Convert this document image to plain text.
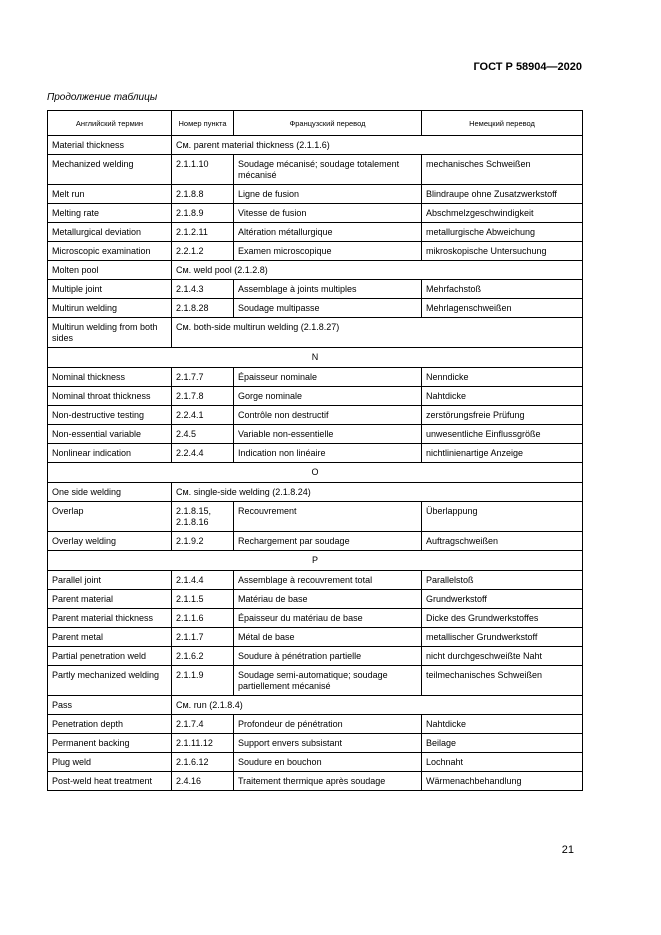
ГОСТ Р 58904—2020
Продолжение таблицы
Английский термин	Номер пункта	Французский перевод	Немецкий перевод
Material thickness	См. parent material thickness (2.1.1.6)		
Mechanized welding	2.1.1.10	Soudage mécanisé; soudage totalement mécanisé	mechanisches Schweißen
Melt run	2.1.8.8	Ligne de fusion	Blindraupe ohne Zusatzwerkstoff
Melting rate	2.1.8.9	Vitesse de fusion	Abschmelzgeschwindigkeit
Metallurgical deviation	2.1.2.11	Altération métallurgique	metallurgische Abweichung
Microscopic examination	2.2.1.2	Examen microscopique	mikroskopische Untersuchung
Molten pool	См. weld pool (2.1.2.8)		
Multiple joint	2.1.4.3	Assemblage à joints multiples	Mehrfachstoß
Multirun welding	2.1.8.28	Soudage multipasse	Mehrlagenschweißen
Multirun welding from both sides	См. both-side multirun welding (2.1.8.27)		
N			
Nominal thickness	2.1.7.7	Épaisseur nominale	Nenndicke
Nominal throat thickness	2.1.7.8	Gorge nominale	Nahtdicke
Non-destructive testing	2.2.4.1	Contrôle non destructif	zerstörungsfreie Prüfung
Non-essential variable	2.4.5	Variable non-essentielle	unwesentliche Einflussgröße
Nonlinear indication	2.2.4.4	Indication non linéaire	nichtlinienartige Anzeige
O			
One side welding	См. single-side welding (2.1.8.24)		
Overlap	2.1.8.15, 2.1.8.16	Recouvrement	Überlappung
Overlay welding	2.1.9.2	Rechargement par soudage	Auftragschweißen
P			
Parallel joint	2.1.4.4	Assemblage à recouvrement total	Parallelstoß
Parent material	2.1.1.5	Matériau de base	Grundwerkstoff
Parent material thickness	2.1.1.6	Épaisseur du matériau de base	Dicke des Grundwerkstoffes
Parent metal	2.1.1.7	Métal de base	metallischer Grundwerkstoff
Partial penetration weld	2.1.6.2	Soudure à pénétration partielle	nicht durchgeschweißte Naht
Partly mechanized welding	2.1.1.9	Soudage semi-automatique; soudage partiellement mécanisé	teilmechanisches Schweißen
Pass	См. run (2.1.8.4)		
Penetration depth	2.1.7.4	Profondeur de pénétration	Nahtdicke
Permanent backing	2.1.11.12	Support envers subsistant	Beilage
Plug weld	2.1.6.12	Soudure en bouchon	Lochnaht
Post-weld heat treatment	2.4.16	Traitement thermique après soudage	Wärmenachbehandlung
21
